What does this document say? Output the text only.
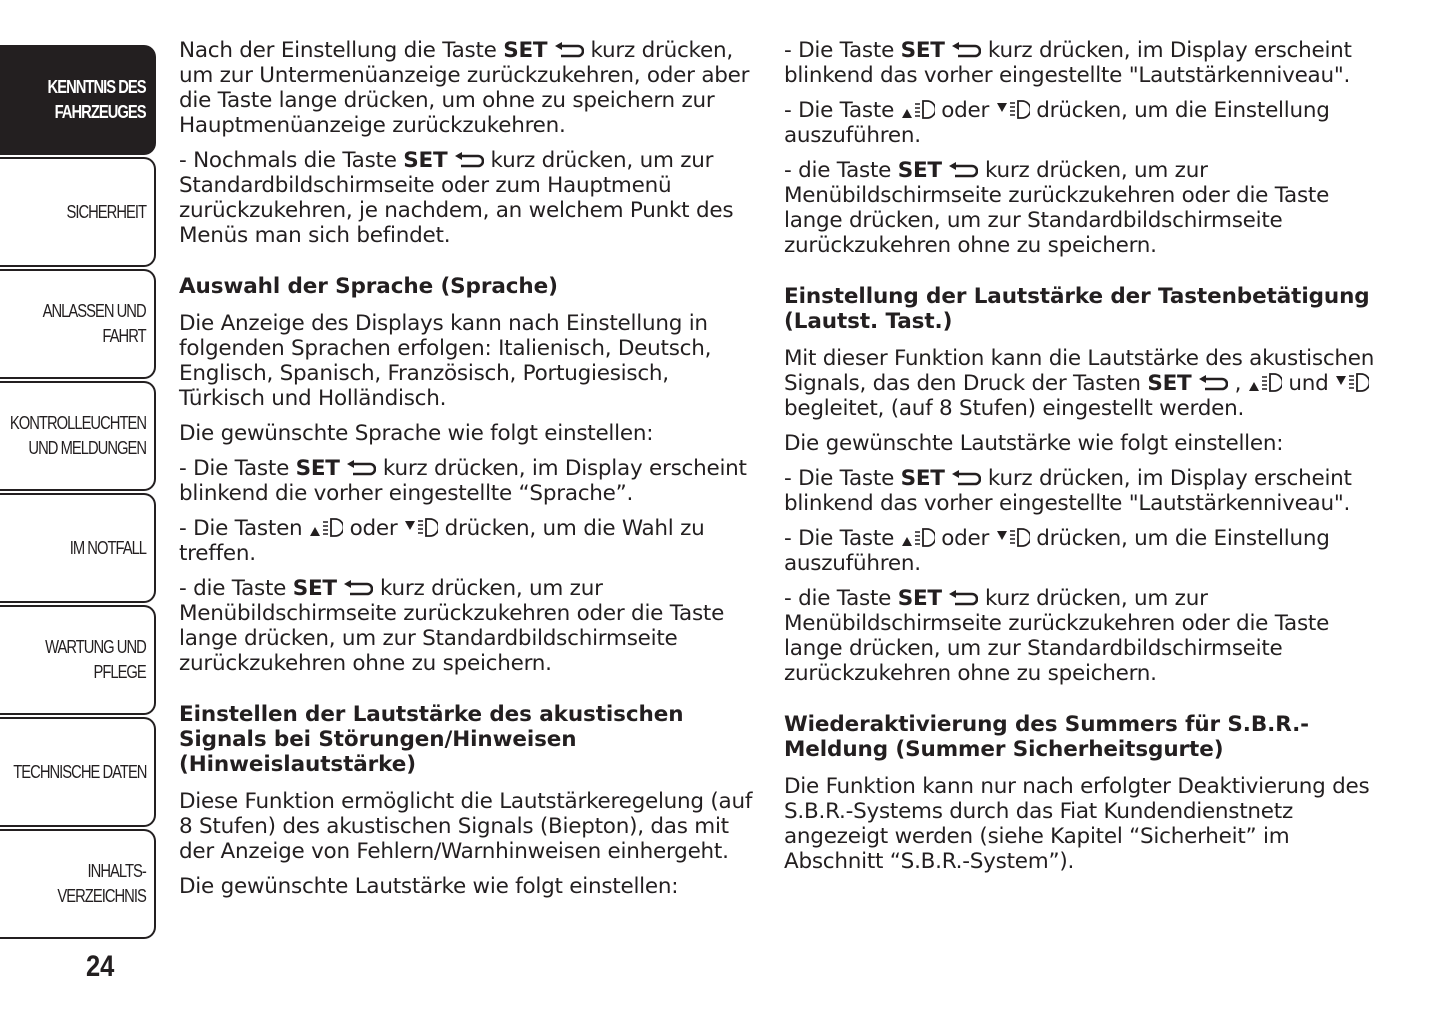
KENNTNIS DES
FAHRZEUGES
SICHERHEIT
ANLASSEN UND
FAHRT
KONTROLLEUCHTEN
UND MELDUNGEN
IM NOTFALL
WARTUNG UND
PFLEGE
TECHNISCHE DATEN
INHALTS-
VERZEICHNIS
24

Nach der Einstellung die Taste SET  kurz drücken, um zur Untermenüanzeige zurückzukehren, oder aber die Taste lange drücken, um ohne zu speichern zur Hauptmenüanzeige zurückzukehren.

- Nochmals die Taste SET  kurz drücken, um zur Standardbildschirmseite oder zum Hauptmenü zurückzukehren, je nachdem, an welchem Punkt des Menüs man sich befindet.

Auswahl der Sprache (Sprache)

Die Anzeige des Displays kann nach Einstellung in folgenden Sprachen erfolgen: Italienisch, Deutsch, Englisch, Spanisch, Französisch, Portugiesisch, Türkisch und Holländisch.

Die gewünschte Sprache wie folgt einstellen:

- Die Taste SET  kurz drücken, im Display erscheint blinkend die vorher eingestellte “Sprache”.

- Die Tasten  oder  drücken, um die Wahl zu treffen.

- die Taste SET  kurz drücken, um zur Menübildschirmseite zurückzukehren oder die Taste lange drücken, um zur Standardbildschirmseite zurückzukehren ohne zu speichern.

Einstellen der Lautstärke des akustischen Signals bei Störungen/Hinweisen (Hinweislautstärke)

Diese Funktion ermöglicht die Lautstärkeregelung (auf 8 Stufen) des akustischen Signals (Biepton), das mit der Anzeige von Fehlern/Warnhinweisen einhergeht.

Die gewünschte Lautstärke wie folgt einstellen:

- Die Taste SET  kurz drücken, im Display erscheint blinkend das vorher eingestellte "Lautstärkenniveau".

- Die Taste  oder  drücken, um die Einstellung auszuführen.

- die Taste SET  kurz drücken, um zur Menübildschirmseite zurückzukehren oder die Taste lange drücken, um zur Standardbildschirmseite zurückzukehren ohne zu speichern.

Einstellung der Lautstärke der Tastenbetätigung (Lautst. Tast.)

Mit dieser Funktion kann die Lautstärke des akustischen Signals, das den Druck der Tasten SET  ,  und  begleitet, (auf 8 Stufen) eingestellt werden.

Die gewünschte Lautstärke wie folgt einstellen:

- Die Taste SET  kurz drücken, im Display erscheint blinkend das vorher eingestellte "Lautstärkenniveau".

- Die Taste  oder  drücken, um die Einstellung auszuführen.

- die Taste SET  kurz drücken, um zur Menübildschirmseite zurückzukehren oder die Taste lange drücken, um zur Standardbildschirmseite zurückzukehren ohne zu speichern.

Wiederaktivierung des Summers für S.B.R.-Meldung (Summer Sicherheitsgurte)

Die Funktion kann nur nach erfolgter Deaktivierung des S.B.R.-Systems durch das Fiat Kundendienstnetz angezeigt werden (siehe Kapitel “Sicherheit” im Abschnitt “S.B.R.-System”).
